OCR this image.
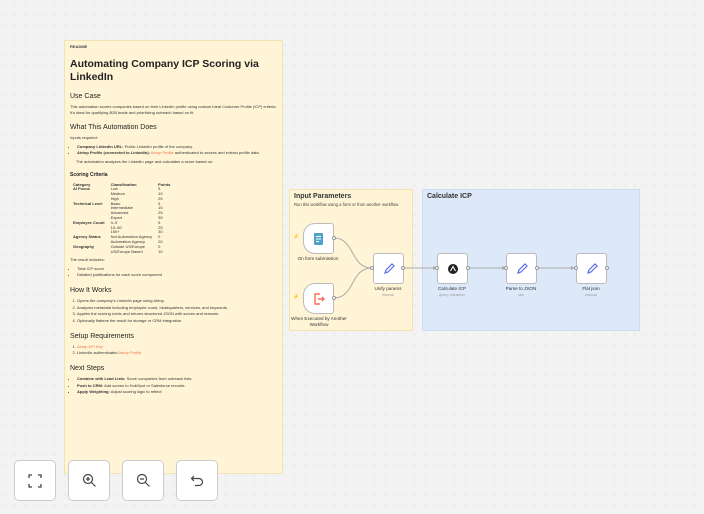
README
Automating Company ICP Scoring via LinkedIn
Use Case

This automation scores companies based on their LinkedIn profile using custom Ideal Customer Profile (ICP) criteria. It's ideal for qualifying B2B leads and prioritizing outreach based on fit.

What This Automation Does

Inputs required:

• Company LinkedIn URL: Public LinkedIn profile of the company.
• Airtop Profile (connected to LinkedIn): Airtop Profile authenticated to access and extract profile data.

The automation analyzes the LinkedIn page and calculates a score based on:

Scoring Criteria
Category	Classification	Points
AI Focus	Low	5
	Medium	10
	High	25
Technical Level	Basic	5
	Intermediate	15
	Advanced	25
	Expert	35
Employee Count	0–9	5
	10–50	25
	150+	30
Agency Status	Not Automation Agency	0
	Automation Agency	20
Geography	Outside US/Europe	0
	US/Europe Based	10

The result includes:

• Total ICP score
• Detailed justifications for each score component
How It Works
1. Opens the company's LinkedIn page using Airtop.
2. Analyzes metadata including employee count, headquarters, services, and keywords.
3. Applies the scoring rubric and returns structured JSON with scores and reasons.
4. Optionally flattens the result for storage or CRM integration.
Setup Requirements
1. Airtop API Key
2. LinkedIn-authenticated Airtop Profile
Next Steps
• Combine with Lead Lists: Score companies from outreach lists.
• Push to CRM: Add scores to HubSpot or Salesforce records.
• Apply Weighting: Adjust scoring logic to reflect
Input Parameters
Run this workflow using a form or from another workflow
Calculate ICP
⚡
On form submission
⚡
When Executed by Another Workflow
Unify params
manual
Calculate ICP
query: extraction
Parse to JSON
raw
Flat json
manual
